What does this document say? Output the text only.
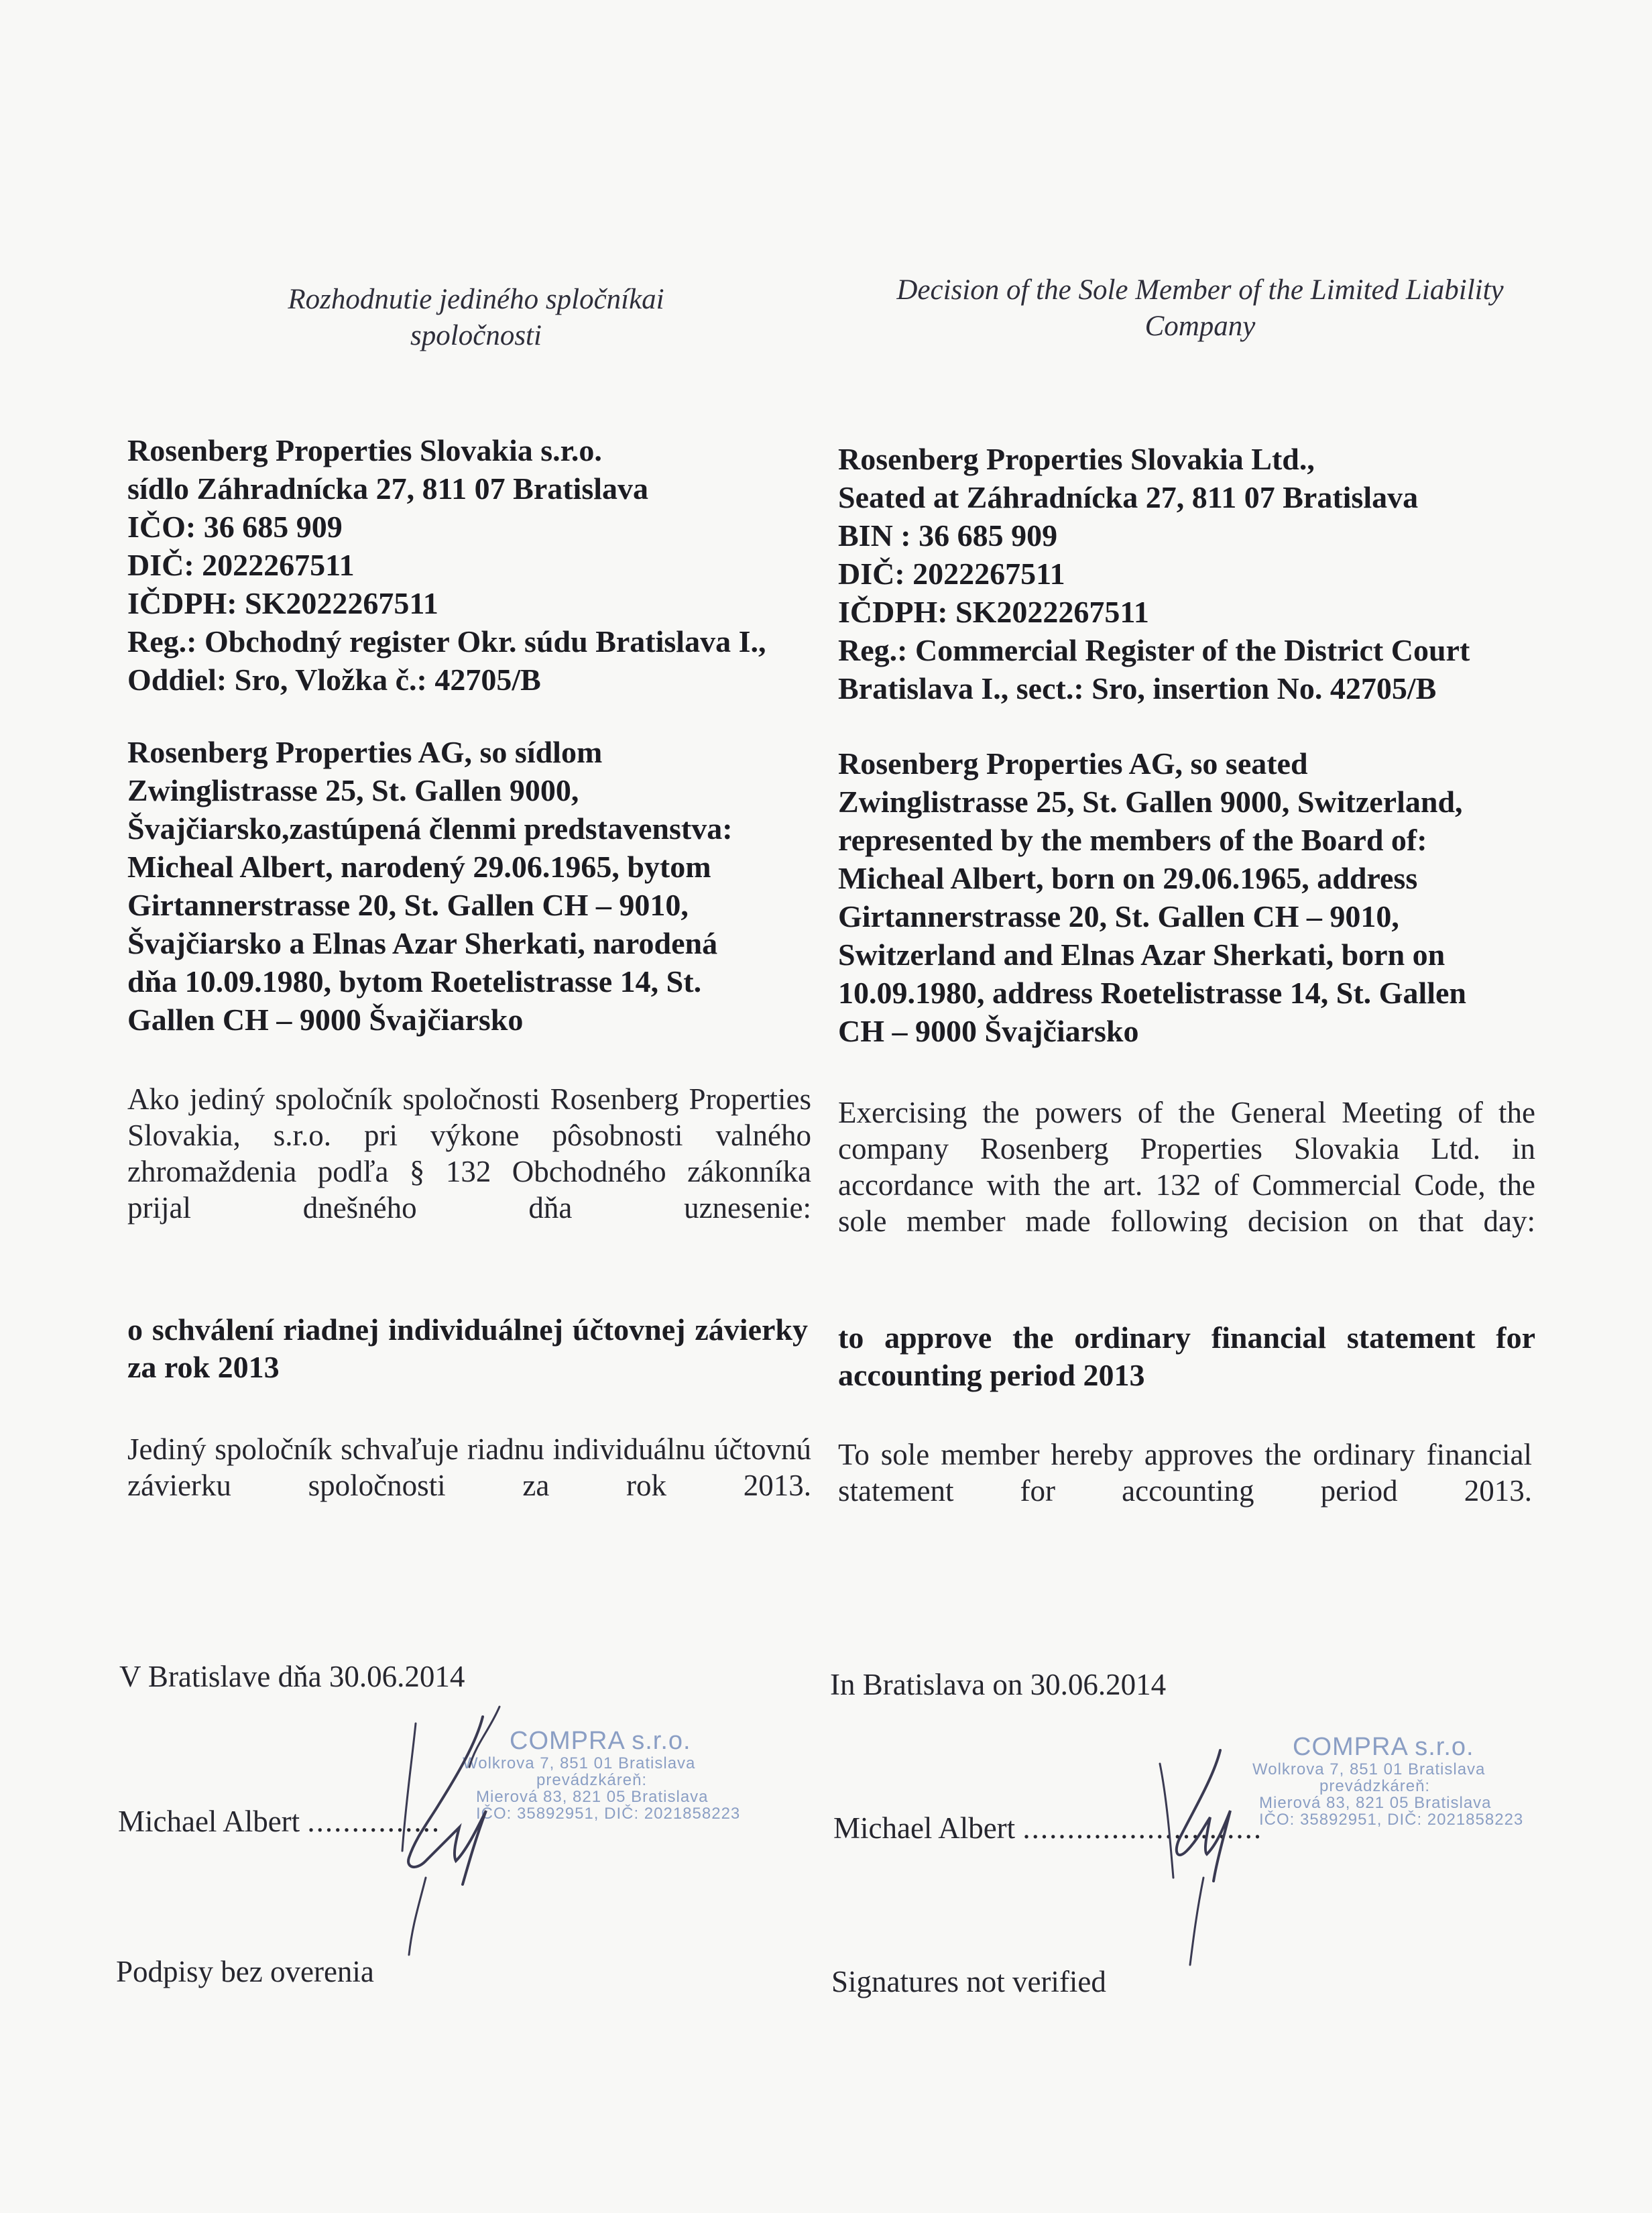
Rozhodnutie jediného spločníkai
spoločnosti
Decision of the Sole Member of the Limited Liability
Company
Rosenberg Properties Slovakia s.r.o.
sídlo Záhradnícka 27, 811 07 Bratislava
IČO: 36 685 909
DIČ: 2022267511
IČDPH: SK2022267511
Reg.: Obchodný register Okr. súdu Bratislava I.,
Oddiel: Sro, Vložka č.: 42705/B
Rosenberg Properties Slovakia Ltd.,
Seated at Záhradnícka 27, 811 07 Bratislava
BIN : 36 685 909
DIČ: 2022267511
IČDPH: SK2022267511
Reg.: Commercial Register of the District Court
Bratislava I., sect.: Sro, insertion No. 42705/B
Rosenberg Properties AG, so sídlom
Zwinglistrasse 25, St. Gallen 9000,
Švajčiarsko,zastúpená členmi predstavenstva:
Micheal Albert, narodený 29.06.1965, bytom
Girtannerstrasse 20, St. Gallen CH – 9010,
Švajčiarsko a Elnas Azar Sherkati, narodená
dňa 10.09.1980, bytom Roetelistrasse 14, St.
Gallen CH – 9000 Švajčiarsko
Rosenberg Properties AG, so seated
Zwinglistrasse 25, St. Gallen 9000, Switzerland,
represented by the members of the Board of:
Micheal Albert, born on 29.06.1965, address
Girtannerstrasse 20, St. Gallen CH – 9010,
Switzerland and Elnas Azar Sherkati, born on
10.09.1980, address Roetelistrasse 14, St. Gallen
CH – 9000 Švajčiarsko
Ako jediný spoločník spoločnosti Rosenberg Properties Slovakia, s.r.o. pri výkone pôsobnosti valného zhromaždenia podľa § 132 Obchodného zákonníka prijal dnešného dňa uznesenie:
Exercising the powers of the General Meeting of the company Rosenberg Properties Slovakia Ltd. in accordance with the art. 132 of Commercial Code, the sole member made following decision on that day:
o schválení riadnej individuálnej účtovnej závierky za rok 2013
to approve the ordinary financial statement for accounting period 2013
Jediný spoločník schvaľuje riadnu individuálnu účtovnú závierku spoločnosti za rok 2013.
To sole member hereby approves the ordinary financial statement for accounting period 2013.
V Bratislave dňa 30.06.2014	In Bratislava on 30.06.2014
COMPRA s.r.o.
Wolkrova 7, 851 01 Bratislava
prevádzkáreň:
Mierová 83, 821 05 Bratislava
IČO: 35892951, DIČ: 2021858223
COMPRA s.r.o.
Wolkrova 7, 851 01 Bratislava
prevádzkáreň:
Mierová 83, 821 05 Bratislava
IČO: 35892951, DIČ: 2021858223
Michael Albert ...............	Michael Albert ...........................
Podpisy bez overenia	Signatures not verified
